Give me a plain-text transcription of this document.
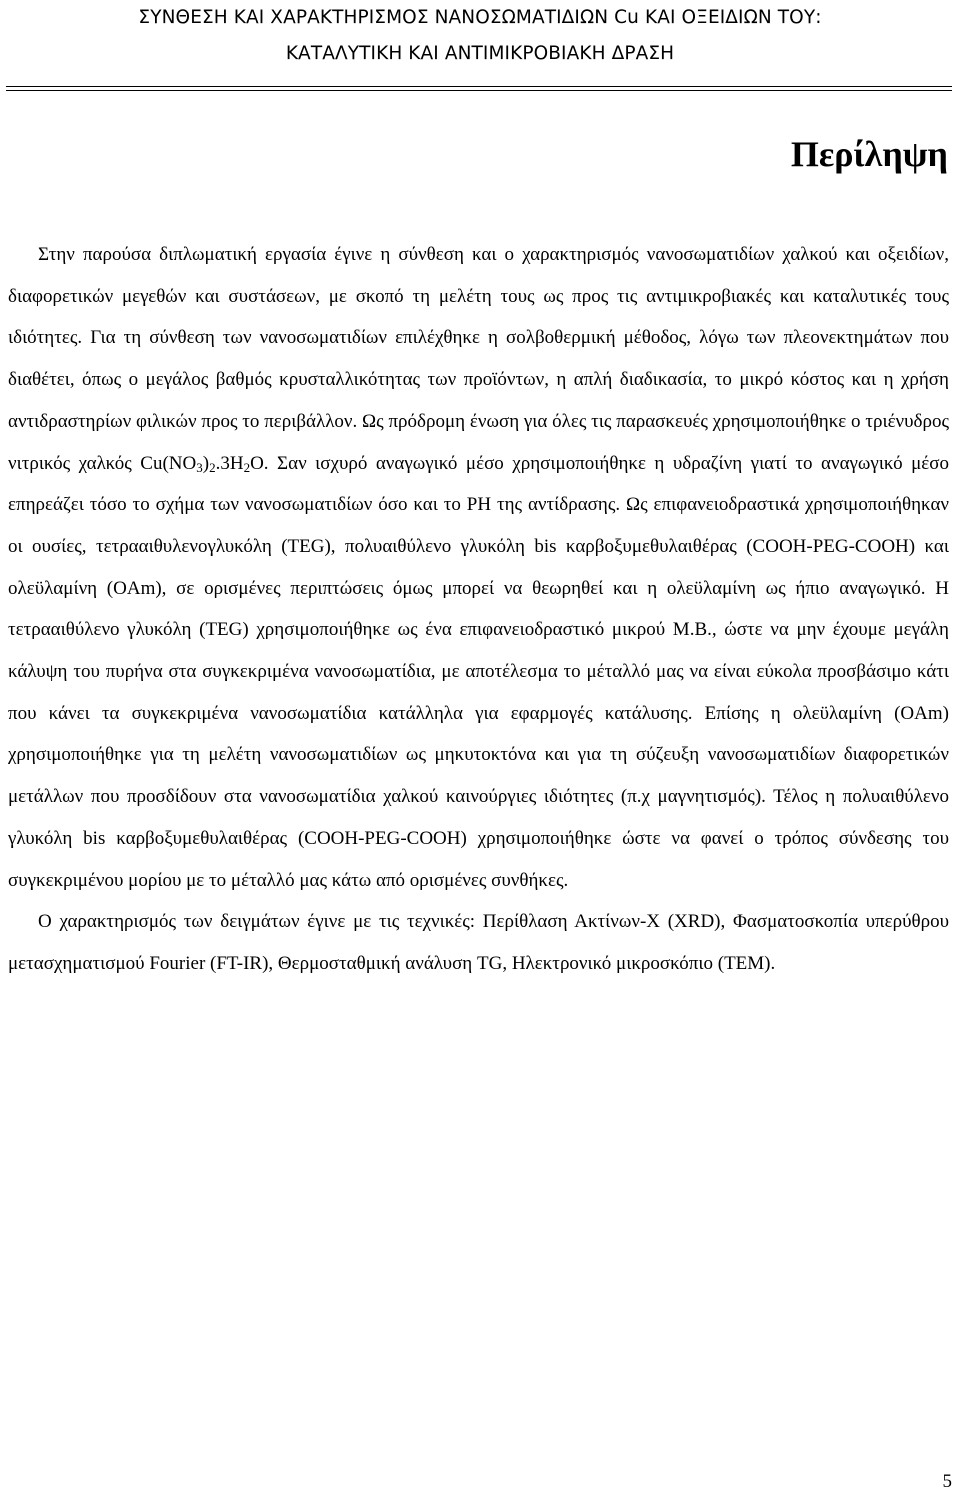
ΣΥΝΘΕΣΗ ΚΑΙ ΧΑΡΑΚΤΗΡΙΣΜΟΣ ΝΑΝΟΣΩΜΑΤΙΔΙΩΝ Cu ΚΑΙ ΟΞΕΙΔΙΩΝ ΤΟΥ:
ΚΑΤΑΛΥΤΙΚΗ ΚΑΙ ΑΝΤΙΜΙΚΡΟΒΙΑΚΗ ΔΡΑΣΗ
Περίληψη

Στην παρούσα διπλωματική εργασία έγινε η σύνθεση και ο χαρακτηρισμός νανοσωματιδίων χαλκού και οξειδίων, διαφορετικών μεγεθών και συστάσεων, με σκοπό τη μελέτη τους ως προς τις αντιμικροβιακές και καταλυτικές τους ιδιότητες. Για τη σύνθεση των νανοσωματιδίων επιλέχθηκε η σολβοθερμική μέθοδος, λόγω των πλεονεκτημάτων που διαθέτει, όπως ο μεγάλος βαθμός κρυσταλλικότητας των προϊόντων, η απλή διαδικασία, το μικρό κόστος και η χρήση αντιδραστηρίων φιλικών προς το περιβάλλον. Ως πρόδρομη ένωση για όλες τις παρασκευές χρησιμοποιήθηκε ο τριένυδρος νιτρικός χαλκός $Cu(NO_3)_2.3H_2O$. Σαν ισχυρό αναγωγικό μέσο χρησιμοποιήθηκε η υδραζίνη γιατί το αναγωγικό μέσο επηρεάζει τόσο το σχήμα των νανοσωματιδίων όσο και το PH της αντίδρασης. Ως επιφανειοδραστικά χρησιμοποιήθηκαν οι ουσίες, τετρααιθυλενογλυκόλη (TEG), πολυαιθύλενο γλυκόλη bis καρβοξυμεθυλαιθέρας (COOH-PEG-COOH) και ολεϋλαμίνη (OAm), σε ορισμένες περιπτώσεις όμως μπορεί να θεωρηθεί και η ολεϋλαμίνη ως ήπιο αναγωγικό. Η τετρααιθύλενο γλυκόλη (TEG) χρησιμοποιήθηκε ως ένα επιφανειοδραστικό μικρού Μ.Β., ώστε να μην έχουμε μεγάλη κάλυψη του πυρήνα στα συγκεκριμένα νανοσωματίδια, με αποτέλεσμα το μέταλλό μας να είναι εύκολα προσβάσιμο κάτι που κάνει τα συγκεκριμένα νανοσωματίδια κατάλληλα για εφαρμογές κατάλυσης. Επίσης η ολεϋλαμίνη (OAm) χρησιμοποιήθηκε για τη μελέτη νανοσωματιδίων ως μηκυτοκτόνα και για τη σύζευξη νανοσωματιδίων διαφορετικών μετάλλων που προσδίδουν στα νανοσωματίδια χαλκού καινούργιες ιδιότητες (π.χ μαγνητισμός). Τέλος η πολυαιθύλενο γλυκόλη bis καρβοξυμεθυλαιθέρας (COOH-PEG-COOH) χρησιμοποιήθηκε ώστε να φανεί ο τρόπος σύνδεσης του συγκεκριμένου μορίου με το μέταλλό μας κάτω από ορισμένες συνθήκες.

Ο χαρακτηρισμός των δειγμάτων έγινε με τις τεχνικές: Περίθλαση Ακτίνων-Χ (XRD), Φασματοσκοπία υπερύθρου μετασχηματισμού Fourier (FT-IR), Θερμοσταθμική ανάλυση TG, Ηλεκτρονικό μικροσκόπιο (TEM).

5
